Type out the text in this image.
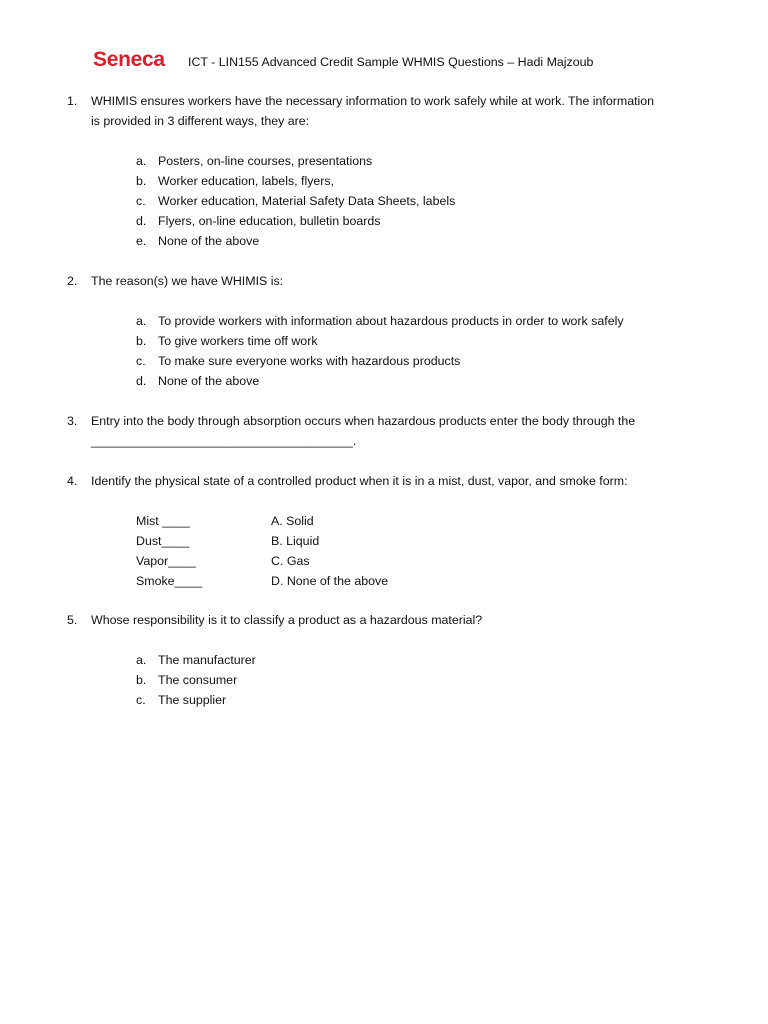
Seneca ICT - LIN155 Advanced Credit Sample WHMIS Questions – Hadi Majzoub
1. WHIMIS ensures workers have the necessary information to work safely while at work. The information
is provided in 3 different ways, they are:
a. Posters, on-line courses, presentations
b. Worker education, labels, flyers,
c. Worker education, Material Safety Data Sheets, labels
d. Flyers, on-line education, bulletin boards
e. None of the above
2. The reason(s) we have WHIMIS is:
a. To provide workers with information about hazardous products in order to work safely
b. To give workers time off work
c. To make sure everyone works with hazardous products
d. None of the above
3. Entry into the body through absorption occurs when hazardous products enter the body through the
______________________________________.
4. Identify the physical state of a controlled product when it is in a mist, dust, vapor, and smoke form:
Mist ____	A. Solid
Dust____	B. Liquid
Vapor____	C. Gas
Smoke____	D. None of the above
5. Whose responsibility is it to classify a product as a hazardous material?
a. The manufacturer
b. The consumer
c. The supplier
